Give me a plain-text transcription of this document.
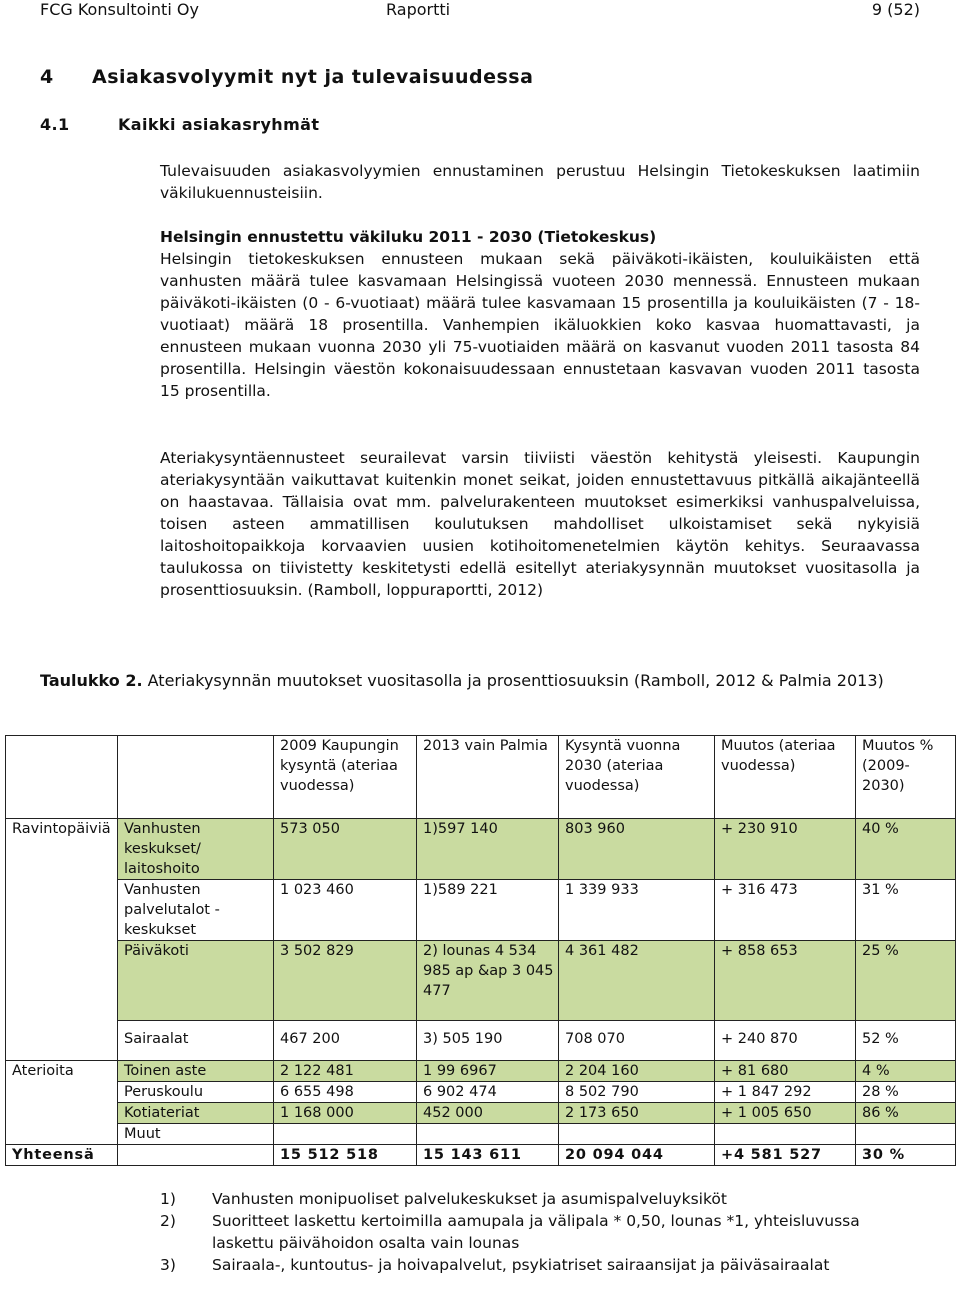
FCG Konsultointi Oy	Raportti	9 (52)
4 Asiakasvolyymit nyt ja tulevaisuudessa
4.1	Kaikki asiakasryhmät
Tulevaisuuden asiakasvolyymien ennustaminen perustuu Helsingin Tietokeskuksen laatimiin väkilukuennusteisiin.
Helsingin ennustettu väkiluku 2011 - 2030 (Tietokeskus)
Helsingin tietokeskuksen ennusteen mukaan sekä päiväkoti-ikäisten, kouluikäisten että vanhusten määrä tulee kasvamaan Helsingissä vuoteen 2030 mennessä. Ennusteen mukaan päiväkoti-ikäisten (0 - 6-vuotiaat) määrä tulee kasvamaan 15 prosentilla ja kouluikäisten (7 - 18-vuotiaat) määrä 18 prosentilla. Vanhempien ikäluokkien koko kasvaa huomattavasti, ja ennusteen mukaan vuonna 2030 yli 75-vuotiaiden määrä on kasvanut vuoden 2011 tasosta 84 prosentilla. Helsingin väestön kokonaisuudessaan ennustetaan kasvavan vuoden 2011 tasosta 15 prosentilla.
Ateriakysyntäennusteet seurailevat varsin tiiviisti väestön kehitystä yleisesti. Kaupungin ateriakysyntään vaikuttavat kuitenkin monet seikat, joiden ennustettavuus pitkällä aikajänteellä on haastavaa. Tällaisia ovat mm. palvelurakenteen muutokset esimerkiksi vanhuspalveluissa, toisen asteen ammatillisen koulutuksen mahdolliset ulkoistamiset sekä nykyisiä laitoshoitopaikkoja korvaavien uusien kotihoitomenetelmien käytön kehitys. Seuraavassa taulukossa on tiivistetty keskitetysti edellä esitellyt ateriakysynnän muutokset vuositasolla ja prosenttiosuuksin. (Ramboll, loppuraportti, 2012)
Taulukko 2. Ateriakysynnän muutokset vuositasolla ja prosenttiosuuksin (Ramboll, 2012 & Palmia 2013)
		2009 Kaupungin kysyntä (ateriaa vuodessa)	2013 vain Palmia	Kysyntä vuonna 2030 (ateriaa vuodessa)	Muutos (ateriaa vuodessa)	Muutos % (2009-2030)
Ravintopäiviä	Vanhusten keskukset/ laitoshoito	573 050	1)597 140	803 960	+ 230 910	40 %
	Vanhusten palvelutalot - keskukset	1 023 460	1)589 221	1 339 933	+ 316 473	31 %
	Päiväkoti	3 502 829	2) lounas 4 534 985 ap &ap 3 045 477	4 361 482	+ 858 653	25 %
	Sairaalat	467 200	3) 505 190	708 070	+ 240 870	52 %
Aterioita	Toinen aste	2 122 481	1 99 6967	2 204 160	+ 81 680	4 %
	Peruskoulu	6 655 498	6 902 474	8 502 790	+ 1 847 292	28 %
	Kotiateriat	1 168 000	452 000	2 173 650	+ 1 005 650	86 %
	Muut					
Yhteensä		15 512 518	15 143 611	20 094 044	+4 581 527	30 %
1) Vanhusten monipuoliset palvelukeskukset ja asumispalveluyksiköt
2) Suoritteet laskettu kertoimilla aamupala ja välipala * 0,50, lounas *1, yhteisluvussa laskettu päivähoidon osalta vain lounas
3) Sairaala-, kuntoutus- ja hoivapalvelut, psykiatriset sairaansijat ja päiväsairaalat
